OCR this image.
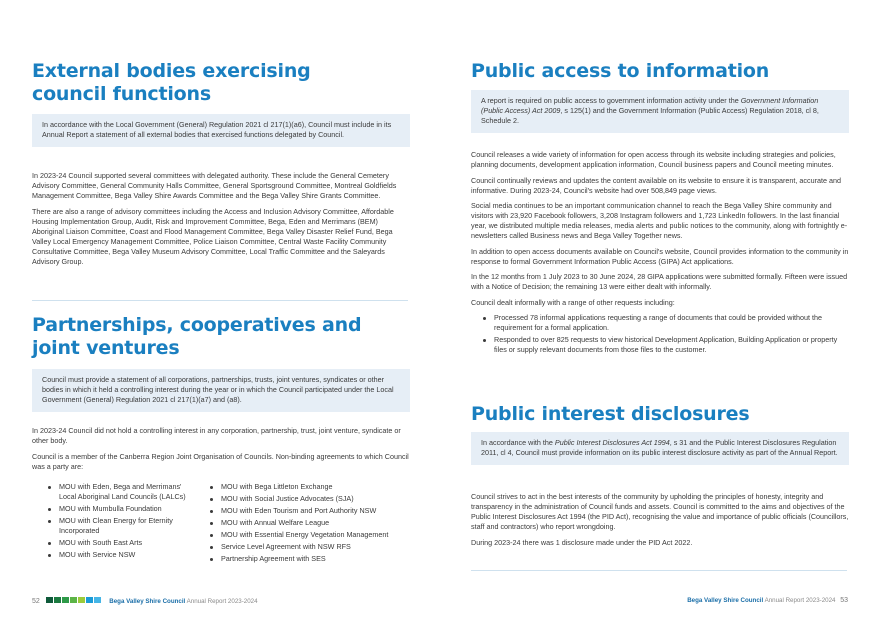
External bodies exercising council functions
In accordance with the Local Government (General) Regulation 2021 cl 217(1)(a6), Council must include in its Annual Report a statement of all external bodies that exercised functions delegated by Council.

In 2023-24 Council supported several committees with delegated authority. These include the General Cemetery Advisory Committee, General Community Halls Committee, General Sportsground Committee, Montreal Goldfields Management Committee, Bega Valley Shire Awards Committee and the Bega Valley Shire Grants Committee.

There are also a range of advisory committees including the Access and Inclusion Advisory Committee, Affordable Housing Implementation Group, Audit, Risk and Improvement Committee, Bega, Eden and Merrimans (BEM) Aboriginal Liaison Committee, Coast and Flood Management Committee, Bega Valley Disaster Relief Fund, Bega Valley Local Emergency Management Committee, Police Liaison Committee, Central Waste Facility Community Consultative Committee, Bega Valley Museum Advisory Committee, Local Traffic Committee and the Saleyards Advisory Group.

Partnerships, cooperatives and joint ventures
Council must provide a statement of all corporations, partnerships, trusts, joint ventures, syndicates or other bodies in which it held a controlling interest during the year or in which the Council participated under the Local Government (General) Regulation 2021 cl 217(1)(a7) and (a8).

In 2023-24 Council did not hold a controlling interest in any corporation, partnership, trust, joint venture, syndicate or other body.

Council is a member of the Canberra Region Joint Organisation of Councils. Non-binding agreements to which Council was a party are:

MOU with Eden, Bega and Merrimans' Local Aboriginal Land Councils (LALCs)
MOU with Mumbulla Foundation
MOU with Clean Energy for Eternity Incorporated
MOU with South East Arts
MOU with Service NSW
MOU with Bega Littleton Exchange
MOU with Social Justice Advocates (SJA)
MOU with Eden Tourism and Port Authority NSW
MOU with Annual Welfare League
MOU with Essential Energy Vegetation Management
Service Level Agreement with NSW RFS
Partnership Agreement with SES
52	Bega Valley Shire Council Annual Report 2023-2024
Public access to information
A report is required on public access to government information activity under the Government Information (Public Access) Act 2009, s 125(1) and the Government Information (Public Access) Regulation 2018, cl 8, Schedule 2.

Council releases a wide variety of information for open access through its website including strategies and policies, planning documents, development application information, Council business papers and Council meeting minutes.

Council continually reviews and updates the content available on its website to ensure it is transparent, accurate and informative. During 2023-24, Council's website had over 508,849 page views.

Social media continues to be an important communication channel to reach the Bega Valley Shire community and visitors with 23,920 Facebook followers, 3,208 Instagram followers and 1,723 LinkedIn followers. In the last financial year, we distributed multiple media releases, media alerts and public notices to the community, along with fortnightly e-newsletters called Business news and Bega Valley Together news.

In addition to open access documents available on Council's website, Council provides information to the community in response to formal Government Information Public Access (GIPA) Act applications.

In the 12 months from 1 July 2023 to 30 June 2024, 28 GIPA applications were submitted formally. Fifteen were issued with a Notice of Decision; the remaining 13 were either dealt with informally.

Council dealt informally with a range of other requests including:

Processed 78 informal applications requesting a range of documents that could be provided without the requirement for a formal application.
Responded to over 825 requests to view historical Development Application, Building Application or property files or supply relevant documents from those files to the customer.
Public interest disclosures
In accordance with the Public Interest Disclosures Act 1994, s 31 and the Public Interest Disclosures Regulation 2011, cl 4, Council must provide information on its public interest disclosure activity as part of the Annual Report.

Council strives to act in the best interests of the community by upholding the principles of honesty, integrity and transparency in the administration of Council funds and assets. Council is committed to the aims and objectives of the Public Interest Disclosures Act 1994 (the PID Act), recognising the value and importance of public officials (Councillors, staff and contractors) who report wrongdoing.

During 2023-24 there was 1 disclosure made under the PID Act 2022.

Bega Valley Shire Council Annual Report 2023-2024 53
